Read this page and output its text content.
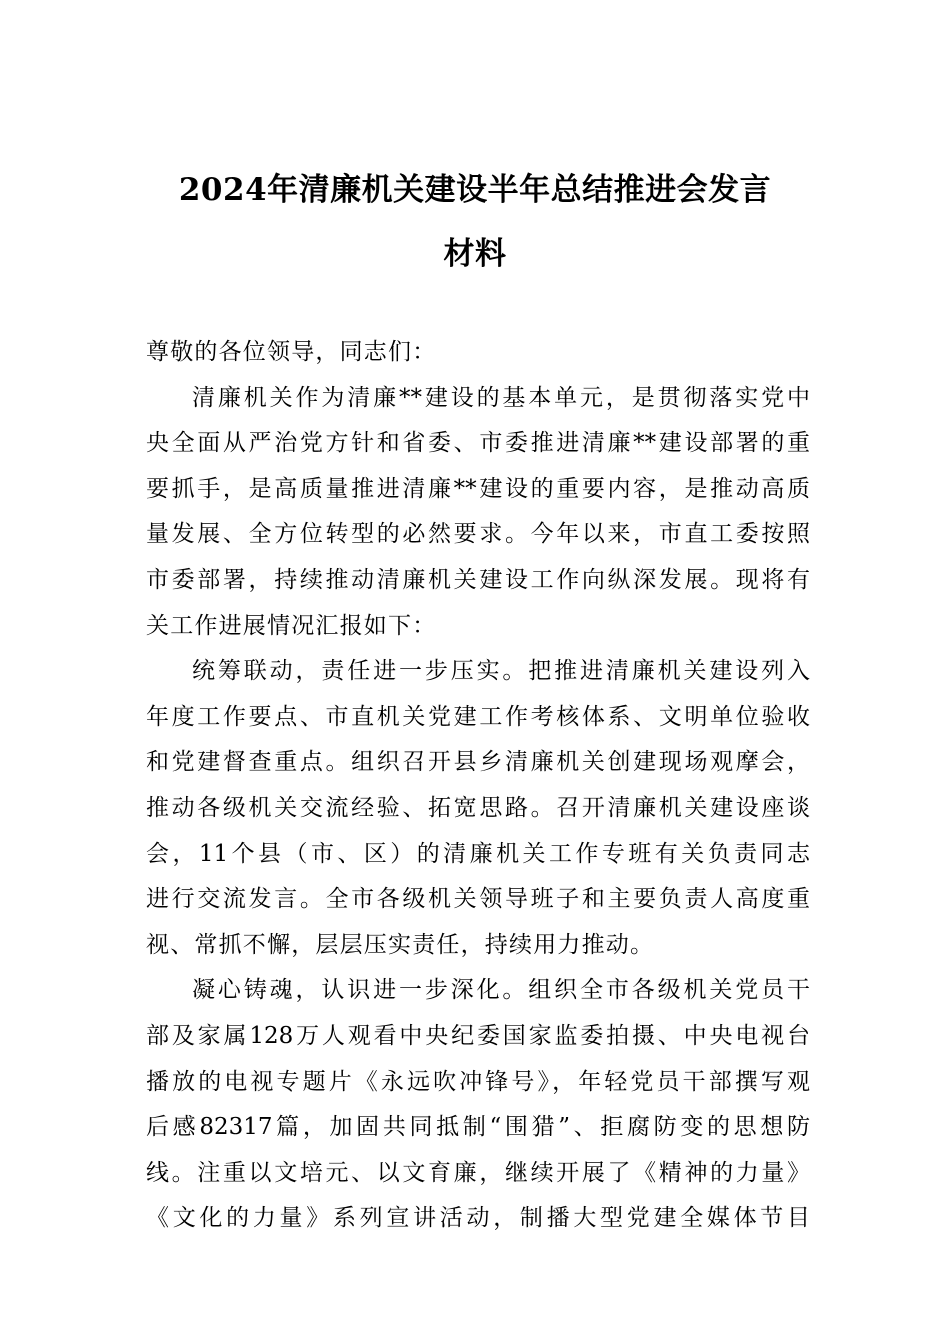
2024年清廉机关建设半年总结推进会发言
材料
尊敬的各位领导，同志们：
清廉机关作为清廉**建设的基本单元，是贯彻落实党中
央全面从严治党方针和省委、市委推进清廉**建设部署的重
要抓手，是高质量推进清廉**建设的重要内容，是推动高质
量发展、全方位转型的必然要求。今年以来，市直工委按照
市委部署，持续推动清廉机关建设工作向纵深发展。现将有
关工作进展情况汇报如下：
统筹联动，责任进一步压实。把推进清廉机关建设列入
年度工作要点、市直机关党建工作考核体系、文明单位验收
和党建督查重点。组织召开县乡清廉机关创建现场观摩会，
推动各级机关交流经验、拓宽思路。召开清廉机关建设座谈
会，11个县（市、区）的清廉机关工作专班有关负责同志
进行交流发言。全市各级机关领导班子和主要负责人高度重
视、常抓不懈，层层压实责任，持续用力推动。
凝心铸魂，认识进一步深化。组织全市各级机关党员干
部及家属128万人观看中央纪委国家监委拍摄、中央电视台
播放的电视专题片《永远吹冲锋号》，年轻党员干部撰写观
后感82317篇，加固共同抵制“围猎”、拒腐防变的思想防
线。注重以文培元、以文育廉，继续开展了《精神的力量》
《文化的力量》系列宣讲活动，制播大型党建全媒体节目
